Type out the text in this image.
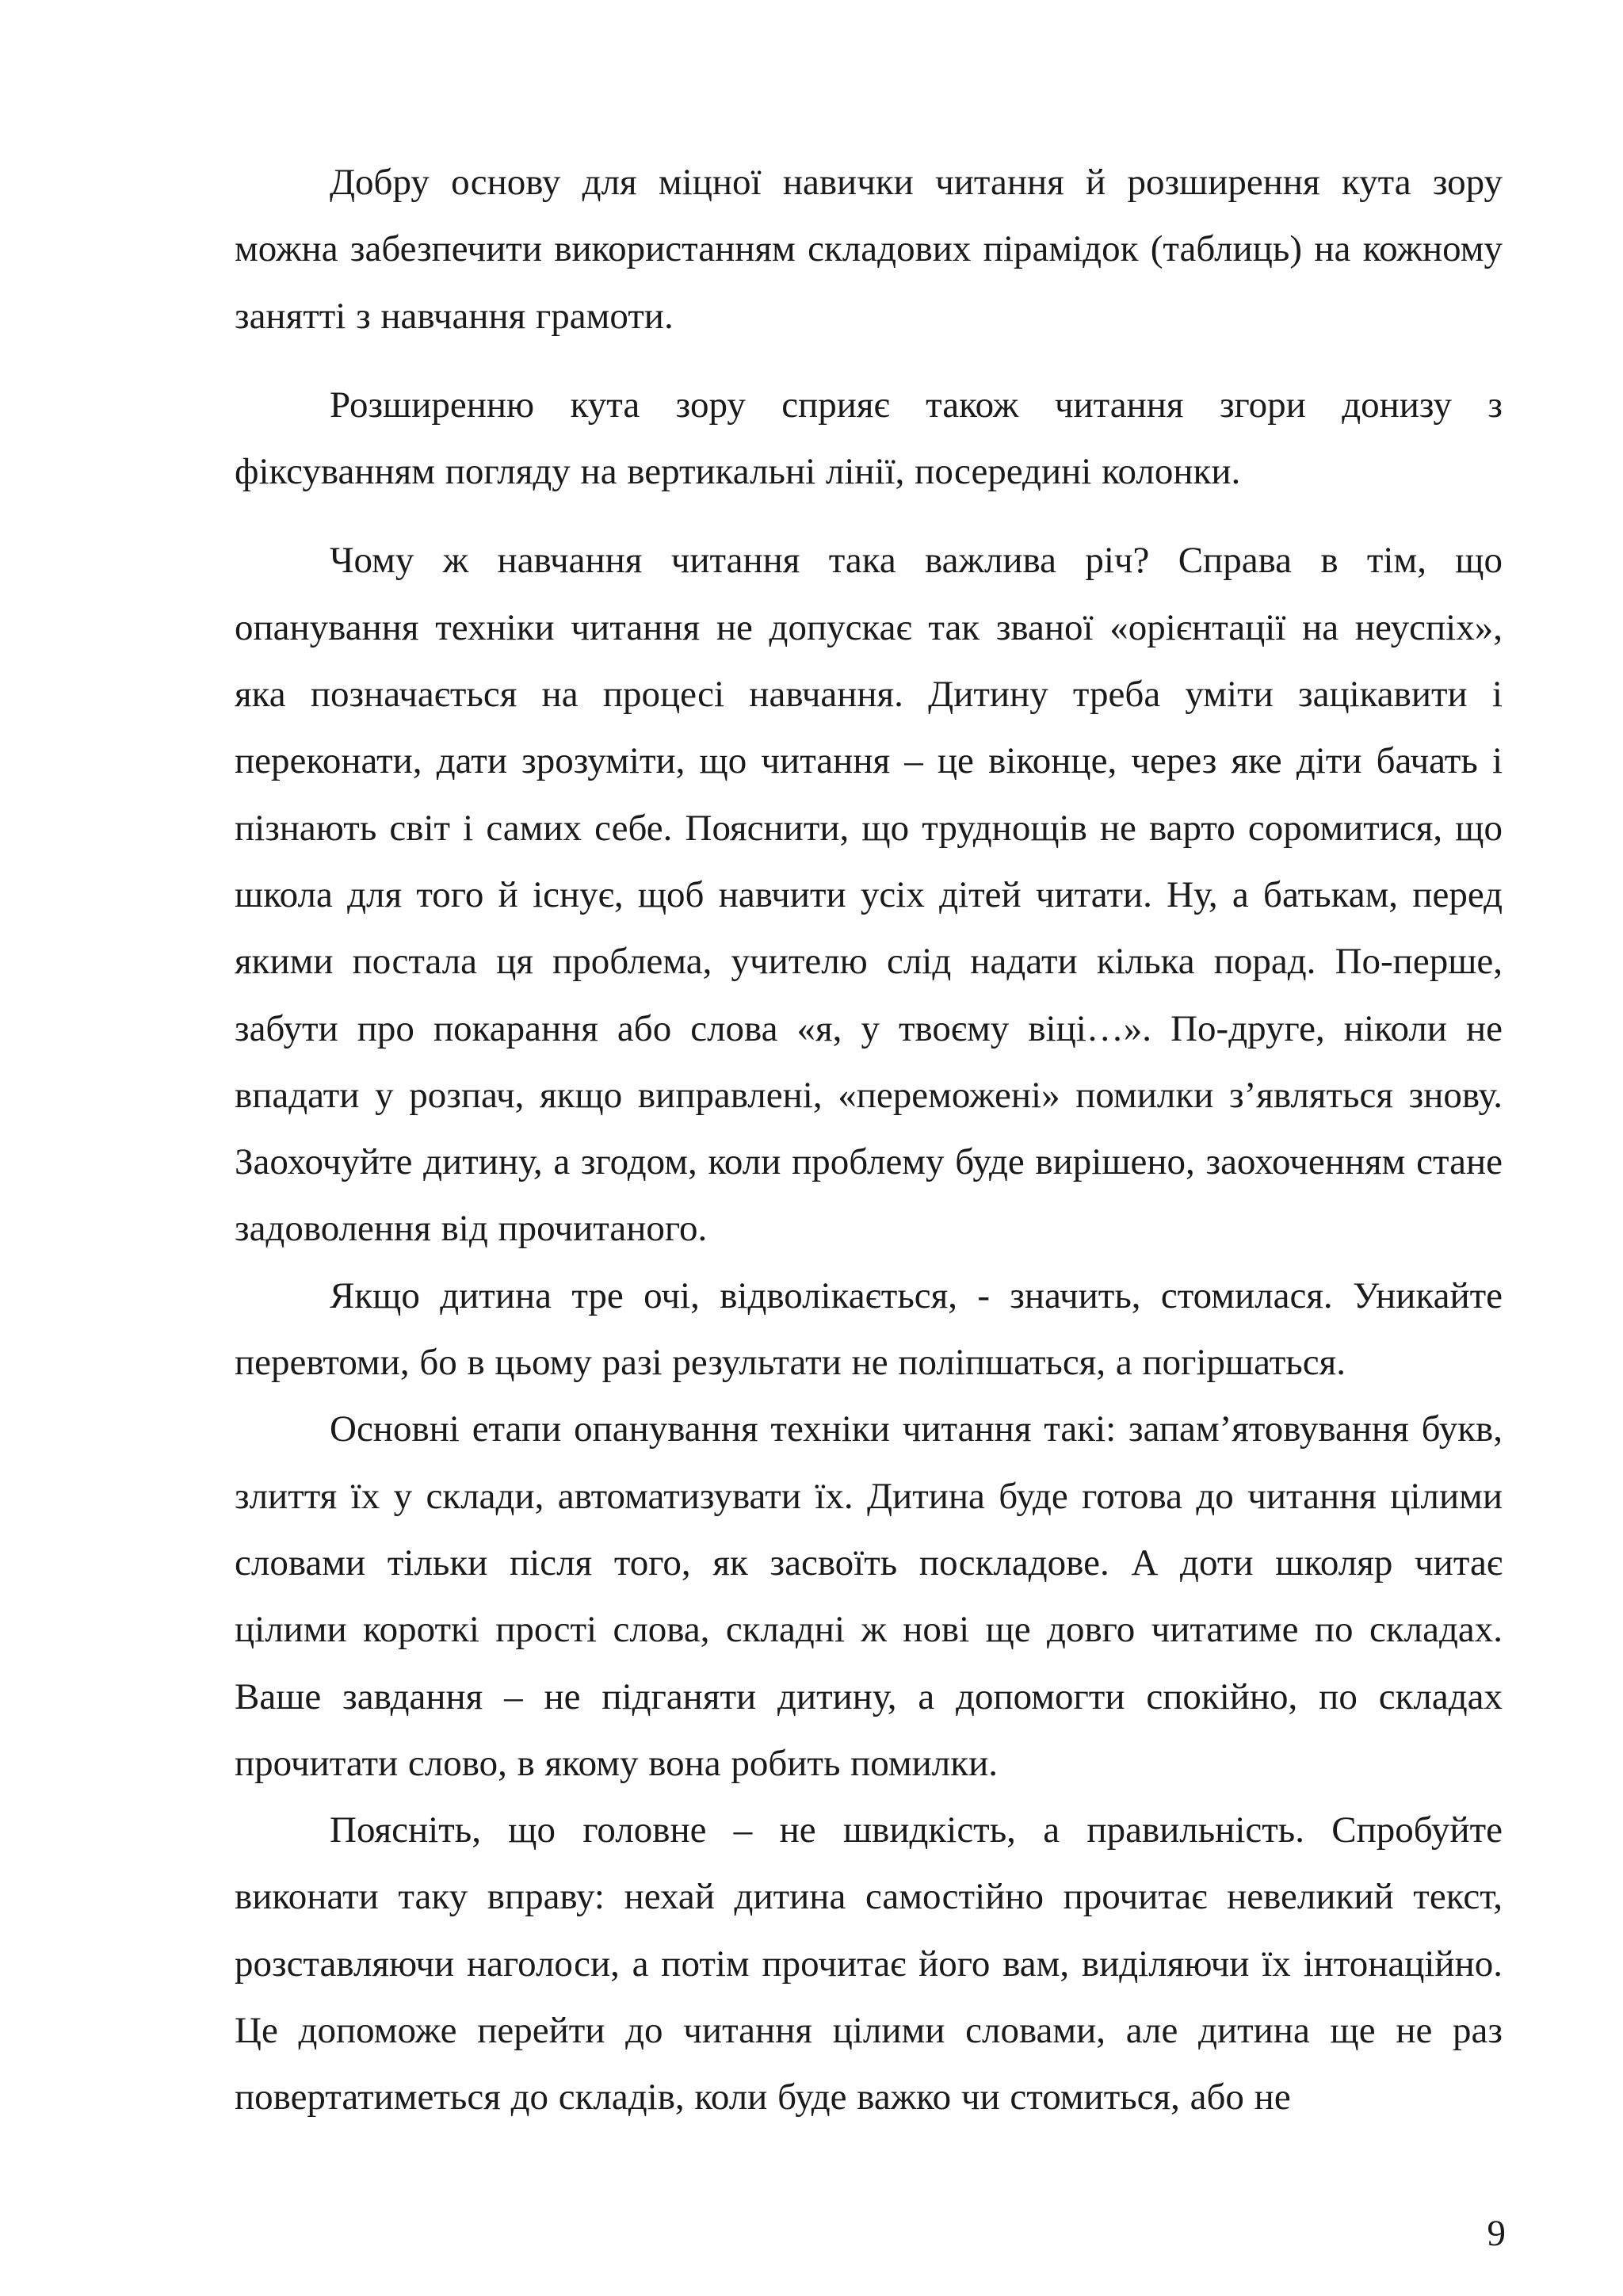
Добру основу для міцної навички читання й розширення кута зору можна забезпечити використанням складових пірамідок (таблиць) на кожному занятті з навчання грамоти.

Розширенню кута зору сприяє також читання згори донизу з фіксуванням погляду на вертикальні лінії, посередині колонки.

Чому ж навчання читання така важлива річ? Справа в тім, що опанування техніки читання не допускає так званої «орієнтації на неуспіх», яка позначається на процесі навчання. Дитину треба уміти зацікавити і переконати, дати зрозуміти, що читання – це віконце, через яке діти бачать і пізнають світ і самих себе. Пояснити, що труднощів не варто соромитися, що школа для того й існує, щоб навчити усіх дітей читати. Ну, а батькам, перед якими постала ця проблема, учителю слід надати кілька порад. По-перше, забути про покарання або слова «я, у твоєму віці…». По-друге, ніколи не впадати у розпач, якщо виправлені, «переможені» помилки з’являться знову. Заохочуйте дитину, а згодом, коли проблему буде вирішено, заохоченням стане задоволення від прочитаного.

Якщо дитина тре очі, відволікається, - значить, стомилася. Уникайте перевтоми, бо в цьому разі результати не поліпшаться, а погіршаться.

Основні етапи опанування техніки читання такі: запам’ятовування букв, злиття їх у склади, автоматизувати їх. Дитина буде готова до читання цілими словами тільки після того, як засвоїть поскладове. А доти школяр читає цілими короткі прості слова, складні ж нові ще довго читатиме по складах. Ваше завдання – не підганяти дитину, а допомогти спокійно, по складах прочитати слово, в якому вона робить помилки.

Поясніть, що головне – не швидкість, а правильність. Спробуйте виконати таку вправу: нехай дитина самостійно прочитає невеликий текст, розставляючи наголоси, а потім прочитає його вам, виділяючи їх інтонаційно. Це допоможе перейти до читання цілими словами, але дитина ще не раз повертатиметься до складів, коли буде важко чи стомиться, або не

9
